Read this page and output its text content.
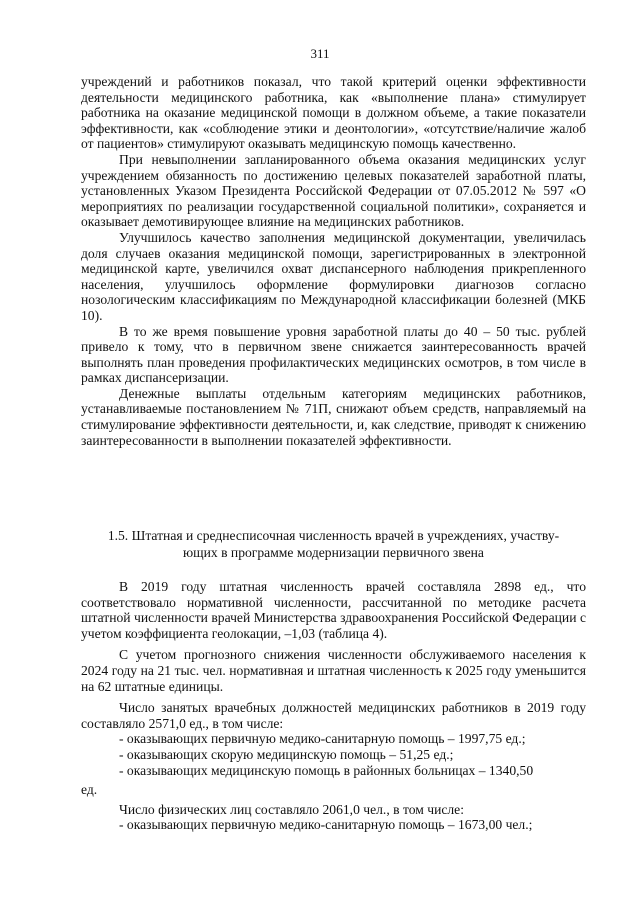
311

учреждений и работников показал, что такой критерий оценки эффективности деятельности медицинского работника, как «выполнение плана» стимулирует работника на оказание медицинской помощи в должном объеме, а такие показатели эффективности, как «соблюдение этики и деонтологии», «отсутствие/наличие жалоб от пациентов» стимулируют оказывать медицинскую помощь качественно.

При невыполнении запланированного объема оказания медицинских услуг учреждением обязанность по достижению целевых показателей заработной платы, установленных Указом Президента Российской Федерации от 07.05.2012 № 597 «О мероприятиях по реализации государственной социальной политики», сохраняется и оказывает демотивирующее влияние на медицинских работников.

Улучшилось качество заполнения медицинской документации, увеличилась доля случаев оказания медицинской помощи, зарегистрированных в электронной медицинской карте, увеличился охват диспансерного наблюдения прикрепленного населения, улучшилось оформление формулировки диагнозов согласно нозологическим классификациям по Международной классификации болезней (МКБ 10).

В то же время повышение уровня заработной платы до 40 – 50 тыс. рублей привело к тому, что в первичном звене снижается заинтересованность врачей выполнять план проведения профилактических медицинских осмотров, в том числе в рамках диспансеризации.

Денежные выплаты отдельным категориям медицинских работников, устанавливаемые постановлением № 71П, снижают объем средств, направляемый на стимулирование эффективности деятельности, и, как следствие, приводят к снижению заинтересованности в выполнении показателей эффективности.

1.5. Штатная и среднесписочная численность врачей в учреждениях, участву-
ющих в программе модернизации первичного звена

В 2019 году штатная численность врачей составляла 2898 ед., что соответствовало нормативной численности, рассчитанной по методике расчета штатной численности врачей Министерства здравоохранения Российской Федерации с учетом коэффициента геолокации, –1,03 (таблица 4).

С учетом прогнозного снижения численности обслуживаемого населения к 2024 году на 21 тыс. чел. нормативная и штатная численность к 2025 году уменьшится на 62 штатные единицы.

Число занятых врачебных должностей медицинских работников в 2019 году составляло 2571,0 ед., в том числе:

- оказывающих первичную медико-санитарную помощь – 1997,75 ед.;

- оказывающих скорую медицинскую помощь – 51,25 ед.;

- оказывающих медицинскую помощь в районных больницах – 1340,50

ед.

Число физических лиц составляло 2061,0 чел., в том числе:

- оказывающих первичную медико-санитарную помощь – 1673,00 чел.;
